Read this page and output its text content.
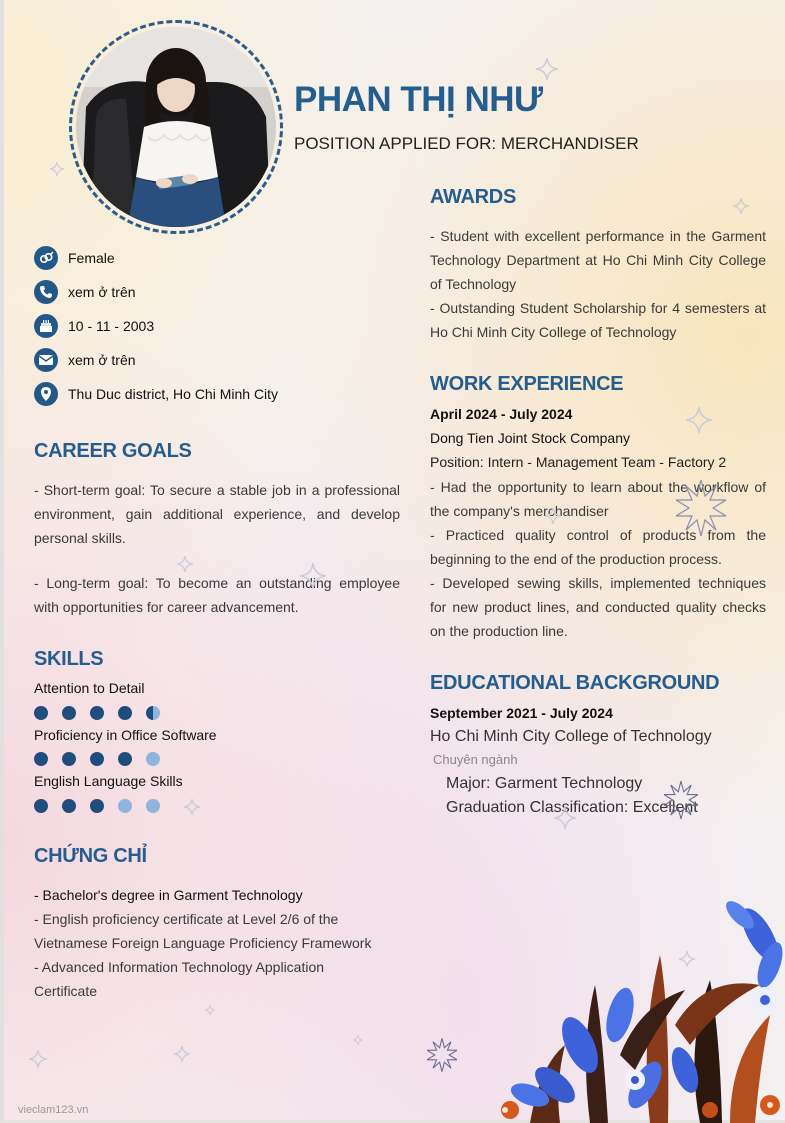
PHAN THỊ NHƯ
POSITION APPLIED FOR: MERCHANDISER
Female
xem ở trên
10 - 11 - 2003
xem ở trên
Thu Duc district, Ho Chi Minh City
CAREER GOALS
- Short-term goal: To secure a stable job in a professional environment, gain additional experience, and develop personal skills.
- Long-term goal: To become an outstanding employee with opportunities for career advancement.
SKILLS
Attention to Detail
Proficiency in Office Software
English Language Skills
CHỨNG CHỈ
- Bachelor's degree in Garment Technology
- English proficiency certificate at Level 2/6 of the Vietnamese Foreign Language Proficiency Framework
- Advanced Information Technology Application Certificate
AWARDS
- Student with excellent performance in the Garment Technology Department at Ho Chi Minh City College of Technology
- Outstanding Student Scholarship for 4 semesters at Ho Chi Minh City College of Technology
WORK EXPERIENCE
April 2024 - July 2024
Dong Tien Joint Stock Company
Position: Intern - Management Team - Factory 2
- Had the opportunity to learn about the workflow of the company's merchandiser
- Practiced quality control of products from the beginning to the end of the production process.
- Developed sewing skills, implemented techniques for new product lines, and conducted quality checks on the production line.
EDUCATIONAL BACKGROUND
September 2021 - July 2024
Ho Chi Minh City College of Technology
Chuyên ngành
Major: Garment Technology
Graduation Classification: Excellent
vieclam123.vn
